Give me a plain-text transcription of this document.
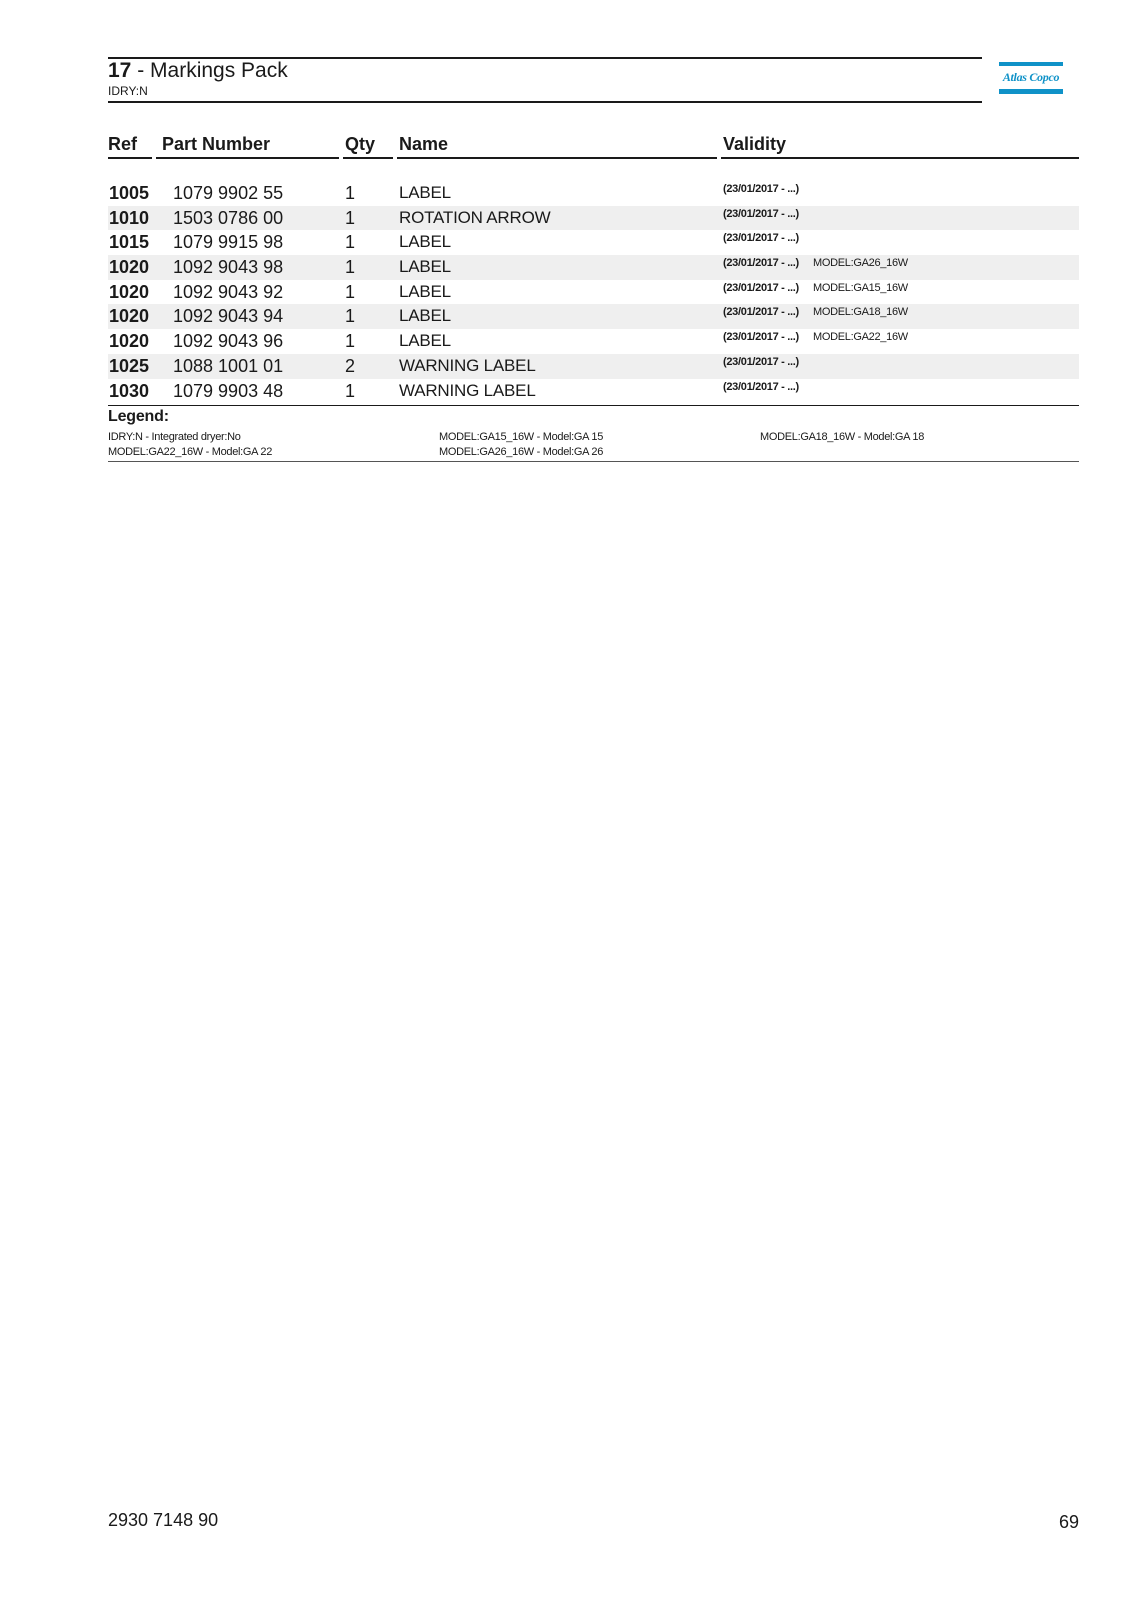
17 - Markings Pack
IDRY:N
Atlas Copco
Ref Part Number	Qty Name	Validity
1005 1079 9902 55	1	LABEL	(23/01/2017 - ...)
1010 1503 0786 00	1	ROTATION ARROW	(23/01/2017 - ...)
1015 1079 9915 98	1	LABEL	(23/01/2017 - ...)
1020 1092 9043 98	1	LABEL	(23/01/2017 - ...) MODEL:GA26_16W
1020 1092 9043 92	1	LABEL	(23/01/2017 - ...) MODEL:GA15_16W
1020 1092 9043 94	1	LABEL	(23/01/2017 - ...) MODEL:GA18_16W
1020 1092 9043 96	1	LABEL	(23/01/2017 - ...) MODEL:GA22_16W
1025 1088 1001 01	2	WARNING LABEL	(23/01/2017 - ...)
1030 1079 9903 48	1	WARNING LABEL	(23/01/2017 - ...)
Legend:
IDRY:N - Integrated dryer:No	MODEL:GA15_16W - Model:GA 15	MODEL:GA18_16W - Model:GA 18
MODEL:GA22_16W - Model:GA 22	MODEL:GA26_16W - Model:GA 26
2930 7148 90	69
